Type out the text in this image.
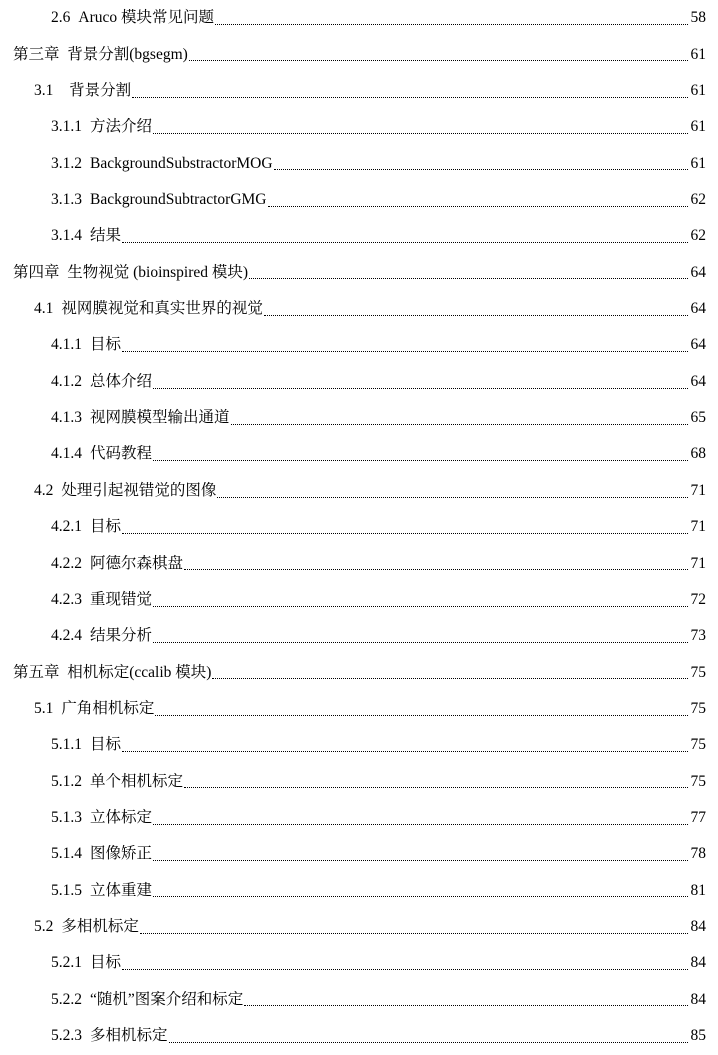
2.6 Aruco 模块常见问题	58
第三章  背景分割(bgsegm)	61
3.1 背景分割	61
3.1.1 方法介绍	61
3.1.2 BackgroundSubstractorMOG	61
3.1.3 BackgroundSubtractorGMG	62
3.1.4 结果	62
第四章  生物视觉 (bioinspired 模块)	64
4.1 视网膜视觉和真实世界的视觉	64
4.1.1 目标	64
4.1.2 总体介绍	64
4.1.3 视网膜模型输出通道	65
4.1.4 代码教程	68
4.2 处理引起视错觉的图像	71
4.2.1 目标	71
4.2.2 阿德尔森棋盘	71
4.2.3 重现错觉	72
4.2.4 结果分析	73
第五章  相机标定(ccalib 模块)	75
5.1 广角相机标定	75
5.1.1 目标	75
5.1.2 单个相机标定	75
5.1.3 立体标定	77
5.1.4 图像矫正	78
5.1.5 立体重建	81
5.2 多相机标定	84
5.2.1 目标	84
5.2.2 “随机”图案介绍和标定	84
5.2.3 多相机标定	85
